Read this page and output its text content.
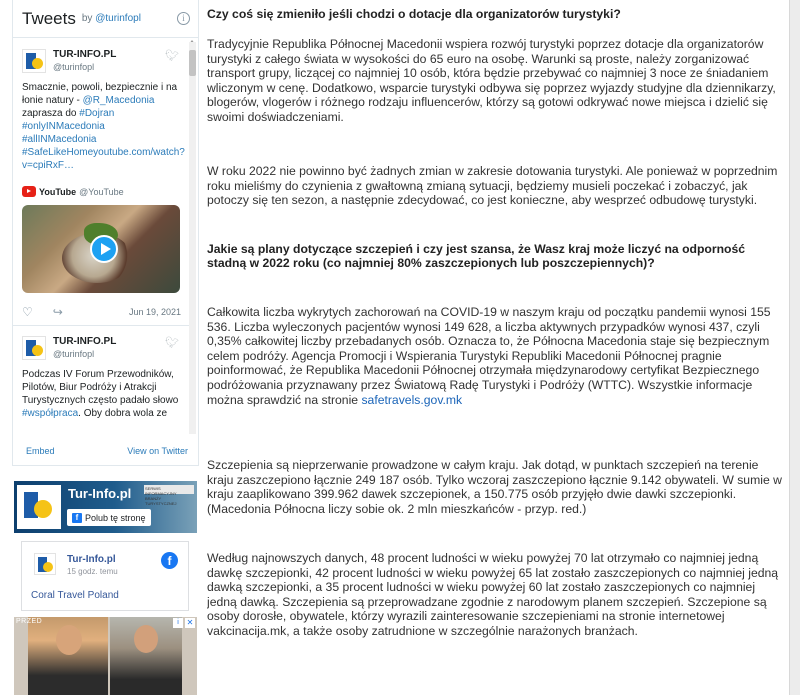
Tweets by @turinfopl	i
TUR-INFO.PL
@turinfopl
🐦︎
Smacznie, powoli, bezpiecznie i na łonie natury - @R_Macedonia zaprasza do #Dojran
#onlyINMacedonia #allINMacedonia #SafeLikeHomeyoutube.com/watch?v=cpiRxF…
YouTube @YouTube
♡ ↪	Jun 19, 2021
TUR-INFO.PL
@turinfopl
🐦︎
Podczas IV Forum Przewodników, Pilotów, Biur Podróży i Atrakcji Turystycznych często padało słowo #współpraca. Oby dobra wola ze
Embed	View on Twitter
Tur-Info.pl	SERWIS INFORMACYJNY BRANŻY TURYSTYCZNEJ
f Polub tę stronę
Tur-Info.pl
15 godz. temu
f
Coral Travel Poland
PRZED	i ✕
Czy coś się zmieniło jeśli chodzi o dotacje dla organizatorów turystyki?

Tradycyjnie Republika Północnej Macedonii wspiera rozwój turystyki poprzez dotacje dla organizatorów turystyki z całego świata w wysokości do 65 euro na osobę. Warunki są proste, należy zorganizować transport grupy, liczącej co najmniej 10 osób, która będzie przebywać co najmniej 3 noce ze śniadaniem wliczonym w cenę. Dodatkowo, wsparcie turystyki odbywa się poprzez wyjazdy studyjne dla dziennikarzy, blogerów, vlogerów i różnego rodzaju influencerów, którzy są gotowi odkrywać nowe miejsca i dzielić się swoimi doświadczeniami.

W roku 2022 nie powinno być żadnych zmian w zakresie dotowania turystyki. Ale ponieważ w poprzednim roku mieliśmy do czynienia z gwałtowną zmianą sytuacji, będziemy musieli poczekać i zobaczyć, jak potoczy się ten sezon, a następnie zdecydować, co jest konieczne, aby wesprzeć odbudowę turystyki.

Jakie są plany dotyczące szczepień i czy jest szansa, że Wasz kraj może liczyć na odporność stadną w 2022 roku (co najmniej 80% zaszczepionych lub poszczepiennych)?

Całkowita liczba wykrytych zachorowań na COVID-19 w naszym kraju od początku pandemii wynosi 155 536. Liczba wyleczonych pacjentów wynosi 149 628, a liczba aktywnych przypadków wynosi 437, czyli 0,35% całkowitej liczby przebadanych osób. Oznacza to, że Północna Macedonia staje się bezpiecznym celem podróży. Agencja Promocji i Wspierania Turystyki Republiki Macedonii Północnej pragnie poinformować, że Republika Macedonii Północnej otrzymała międzynarodowy certyfikat Bezpiecznego podróżowania przyznawany przez Światową Radę Turystyki i Podróży (WTTC). Wszystkie informacje można sprawdzić na stronie safetravels.gov.mk

Szczepienia są nieprzerwanie prowadzone w całym kraju. Jak dotąd, w punktach szczepień na terenie kraju zaszczepiono łącznie 249 187 osób. Tylko wczoraj zaszczepiono łącznie 9.142 obywateli. W sumie w kraju zaaplikowano 399.962 dawek szczepionek, a 150.775 osób przyjęło dwie dawki szczepionki. (Macedonia Północna liczy sobie ok. 2 mln mieszkańców - przyp. red.)

Według najnowszych danych, 48 procent ludności w wieku powyżej 70 lat otrzymało co najmniej jedną dawkę szczepionki, 42 procent ludności w wieku powyżej 65 lat zostało zaszczepionych co najmniej jedną dawką szczepionki, a 35 procent ludności w wieku powyżej 60 lat zostało zaszczepionych co najmniej jedną dawką. Szczepienia są przeprowadzane zgodnie z narodowym planem szczepień. Szczepione są osoby dorosłe, obywatele, którzy wyrazili zainteresowanie szczepieniami na stronie internetowej vakcinacija.mk, a także osoby zatrudnione w szczególnie narażonych branżach.
